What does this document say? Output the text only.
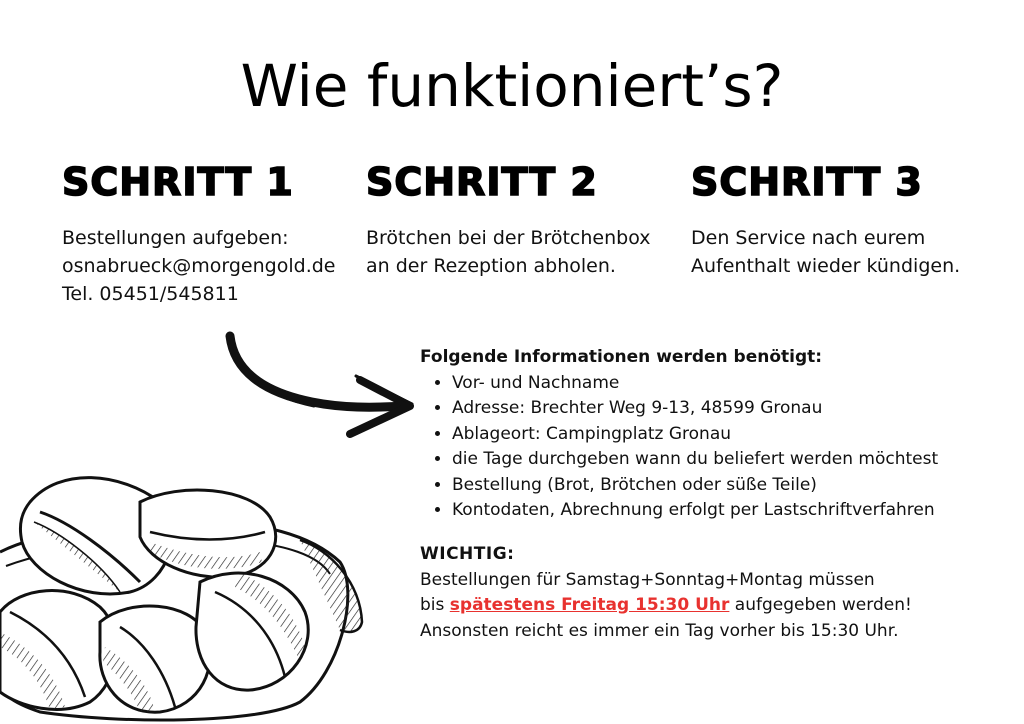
Wie funktioniert’s?
SCHRITT 1

Bestellungen aufgeben:
osnabrueck@morgengold.de
Tel. 05451/545811

SCHRITT 2

Brötchen bei der Brötchenbox
an der Rezeption abholen.

SCHRITT 3

Den Service nach eurem
Aufenthalt wieder kündigen.

Folgende Informationen werden benötigt:
• Vor- und Nachname
• Adresse: Brechter Weg 9-13, 48599 Gronau
• Ablageort: Campingplatz Gronau
• die Tage durchgeben wann du beliefert werden möchtest
• Bestellung (Brot, Brötchen oder süße Teile)
• Kontodaten, Abrechnung erfolgt per Lastschriftverfahren
WICHTIG:
Bestellungen für Samstag+Sonntag+Montag müssen
bis spätestens Freitag 15:30 Uhr aufgegeben werden!
Ansonsten reicht es immer ein Tag vorher bis 15:30 Uhr.
